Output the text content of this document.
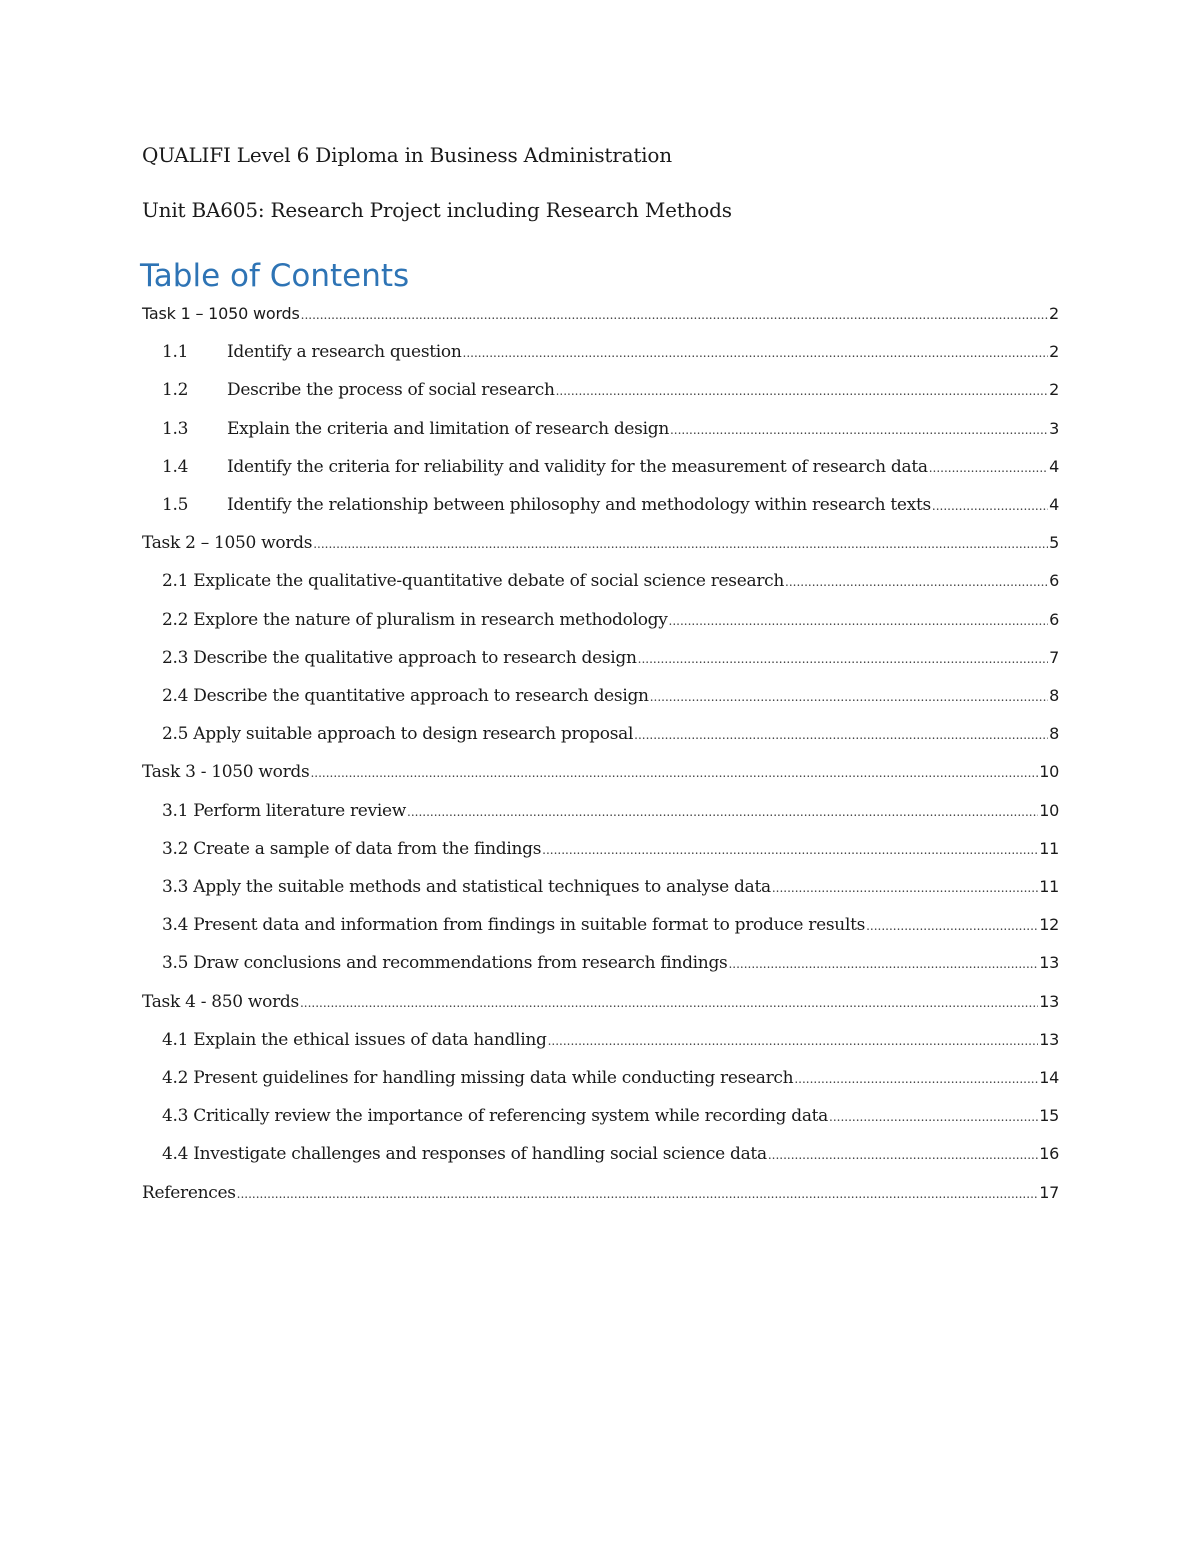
QUALIFI Level 6 Diploma in Business Administration
Unit BA605: Research Project including Research Methods
Table of Contents
Task 1 – 1050 words .....	2
1.1	Identify a research question .....	2
1.2	Describe the process of social research .....	2
1.3	Explain the criteria and limitation of research design .....	3
1.4	Identify the criteria for reliability and validity for the measurement of research data .....	4
1.5	Identify the relationship between philosophy and methodology within research texts .....	4
Task 2 – 1050 words .....	5
2.1 Explicate the qualitative-quantitative debate of social science research .....	6
2.2 Explore the nature of pluralism in research methodology .....	6
2.3 Describe the qualitative approach to research design .....	7
2.4 Describe the quantitative approach to research design .....	8
2.5 Apply suitable approach to design research proposal .....	8
Task 3 - 1050 words .....	10
3.1 Perform literature review .....	10
3.2 Create a sample of data from the findings .....	11
3.3 Apply the suitable methods and statistical techniques to analyse data .....	11
3.4 Present data and information from findings in suitable format to produce results .....	12
3.5 Draw conclusions and recommendations from research findings .....	13
Task 4 - 850 words .....	13
4.1 Explain the ethical issues of data handling .....	13
4.2 Present guidelines for handling missing data while conducting research .....	14
4.3 Critically review the importance of referencing system while recording data .....	15
4.4 Investigate challenges and responses of handling social science data .....	16
References .....	17
